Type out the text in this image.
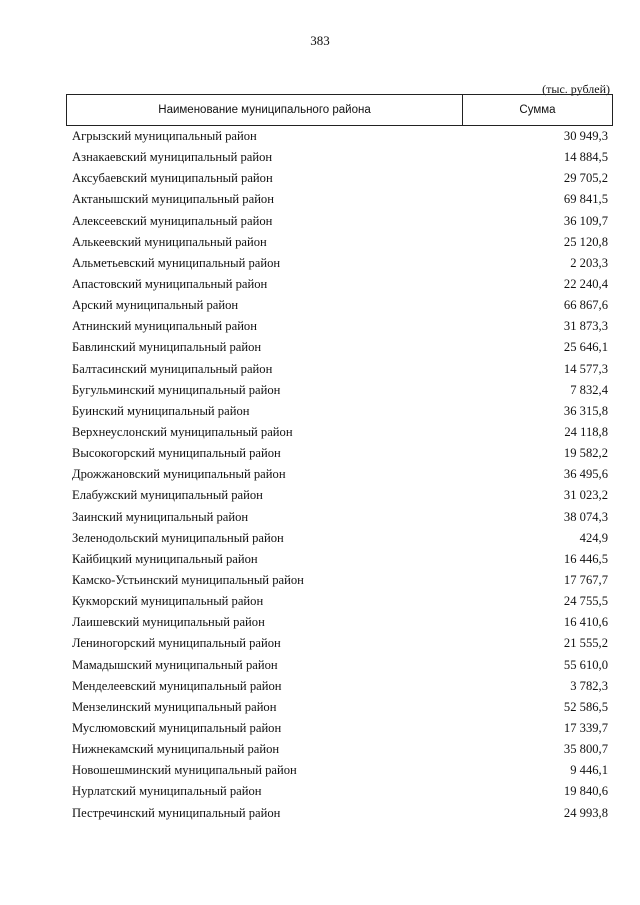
383
(тыс. рублей)
Наименование муниципального района	Сумма
Агрызский муниципальный район	30 949,3
Азнакаевский муниципальный район	14 884,5
Аксубаевский муниципальный район	29 705,2
Актанышский муниципальный район	69 841,5
Алексеевский муниципальный район	36 109,7
Алькеевский муниципальный район	25 120,8
Альметьевский муниципальный район	2 203,3
Апастовский муниципальный район	22 240,4
Арский муниципальный район	66 867,6
Атнинский муниципальный район	31 873,3
Бавлинский муниципальный район	25 646,1
Балтасинский муниципальный район	14 577,3
Бугульминский муниципальный район	7 832,4
Буинский муниципальный район	36 315,8
Верхнеуслонский муниципальный район	24 118,8
Высокогорский муниципальный район	19 582,2
Дрожжановский муниципальный район	36 495,6
Елабужский муниципальный район	31 023,2
Заинский муниципальный район	38 074,3
Зеленодольский муниципальный район	424,9
Кайбицкий муниципальный район	16 446,5
Камско-Устьинский муниципальный район	17 767,7
Кукморский муниципальный район	24 755,5
Лаишевский муниципальный район	16 410,6
Лениногорский муниципальный район	21 555,2
Мамадышский муниципальный район	55 610,0
Менделеевский муниципальный район	3 782,3
Мензелинский муниципальный район	52 586,5
Муслюмовский муниципальный район	17 339,7
Нижнекамский муниципальный район	35 800,7
Новошешминский муниципальный район	9 446,1
Нурлатский муниципальный район	19 840,6
Пестречинский муниципальный район	24 993,8
